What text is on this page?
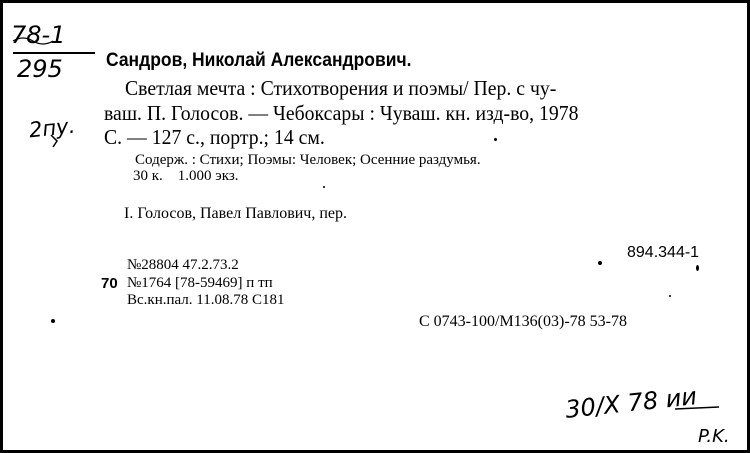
78-1
295
2пу.
Сандров, Николай Александрович.
Светлая мечта : Стихотворения и поэмы/ Пер. с чу-
ваш. П. Голосов. — Чебоксары : Чуваш. кн. изд-во, 1978
С. — 127 с., портр.; 14 см.
Содерж. : Стихи; Поэмы: Человек; Осенние раздумья.
30 к.    1.000 экз.
I. Голосов, Павел Павлович, пер.
894.344-1
№28804 47.2.73.2
70 №1764 [78-59469] п тп
Вс.кн.пал. 11.08.78 С181
С 0743-100/М136(03)-78 53-78
30/X 78 ии
P.K.
